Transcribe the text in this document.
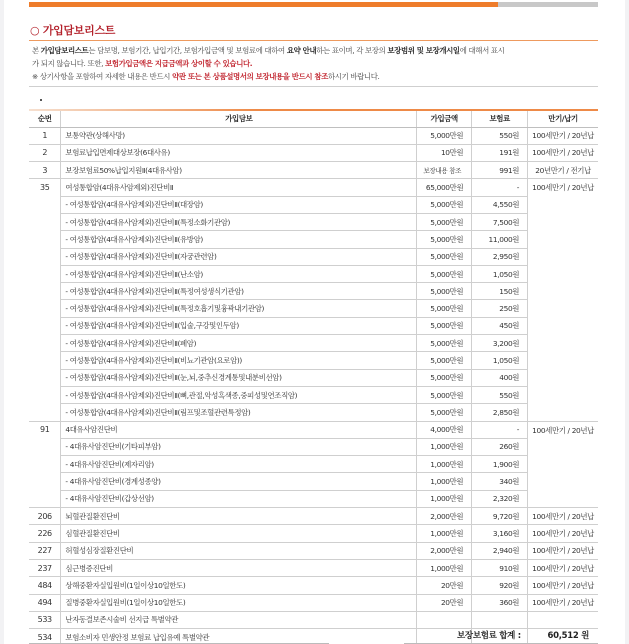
○ 가입담보리스트
본 가입담보리스트는 담보명, 보험기간, 납입기간, 보험가입금액 및 보험료에 대하여 요약 안내하는 표이며, 각 보장의 보장범위 및 보장개시일에 대해서 표시
가 되지 않습니다. 또한, 보험가입금액은 지급금액과 상이할 수 있습니다.
※ 상기사항을 포함하여 자세한 내용은 반드시 약관 또는 본 상품설명서의 보장내용을 반드시 참조하시기 바랍니다.
순번	가입담보	가입금액	보험료	만기/납기
1	보통약관(상해사망)	5,000만원	550원	100세만기 / 20년납
2	보험료납입면제대상보장(6대사유)	10만원	191원	100세만기 / 20년납
3	보장보험료50%납입지원Ⅱ(4대유사암)	보장내용 참조	991원	20년만기 / 전기납
35	여성통합암(4대유사암제외)진단비Ⅱ	65,000만원	-	100세만기 / 20년납
	- 여성통합암(4대유사암제외)진단비Ⅱ(대장암)	5,000만원	4,550원	
	- 여성통합암(4대유사암제외)진단비Ⅱ(특정소화기관암)	5,000만원	7,500원	
	- 여성통합암(4대유사암제외)진단비Ⅱ(유방암)	5,000만원	11,000원	
	- 여성통합암(4대유사암제외)진단비Ⅱ(자궁관련암)	5,000만원	2,950원	
	- 여성통합암(4대유사암제외)진단비Ⅱ(난소암)	5,000만원	1,050원	
	- 여성통합암(4대유사암제외)진단비Ⅱ(특정여성생식기관암)	5,000만원	150원	
	- 여성통합암(4대유사암제외)진단비Ⅱ(특정호흡기및흉곽내기관암)	5,000만원	250원	
	- 여성통합암(4대유사암제외)진단비Ⅱ(입술,구강및인두암)	5,000만원	450원	
	- 여성통합암(4대유사암제외)진단비Ⅱ(폐암)	5,000만원	3,200원	
	- 여성통합암(4대유사암제외)진단비Ⅱ(비뇨기관암(요로암))	5,000만원	1,050원	
	- 여성통합암(4대유사암제외)진단비Ⅱ(눈,뇌,중추신경계통및내분비선암)	5,000만원	400원	
	- 여성통합암(4대유사암제외)진단비Ⅱ(뼈,관절,악성흑색종,중피성및연조직암)	5,000만원	550원	
	- 여성통합암(4대유사암제외)진단비Ⅱ(림프및조혈관련특정암)	5,000만원	2,850원	
91	4대유사암진단비	4,000만원	-	100세만기 / 20년납
	- 4대유사암진단비(기타피부암)	1,000만원	260원	
	- 4대유사암진단비(제자리암)	1,000만원	1,900원	
	- 4대유사암진단비(경계성종양)	1,000만원	340원	
	- 4대유사암진단비(갑상선암)	1,000만원	2,320원	
206	뇌혈관질환진단비	2,000만원	9,720원	100세만기 / 20년납
226	심혈관질환진단비	1,000만원	3,160원	100세만기 / 20년납
227	허혈성심장질환진단비	2,000만원	2,940원	100세만기 / 20년납
237	심근병증진단비	1,000만원	910원	100세만기 / 20년납
484	상해중환자실입원비(1일이상10일한도)	20만원	920원	100세만기 / 20년납
494	질병중환자실입원비(1일이상10일한도)	20만원	360원	100세만기 / 20년납
533	난자동결보존시술비 선지급 특별약관			
534	보험소비자 민생안정 보험료 납입유예 특별약관				보장보험료 합계 :	60,512 원
